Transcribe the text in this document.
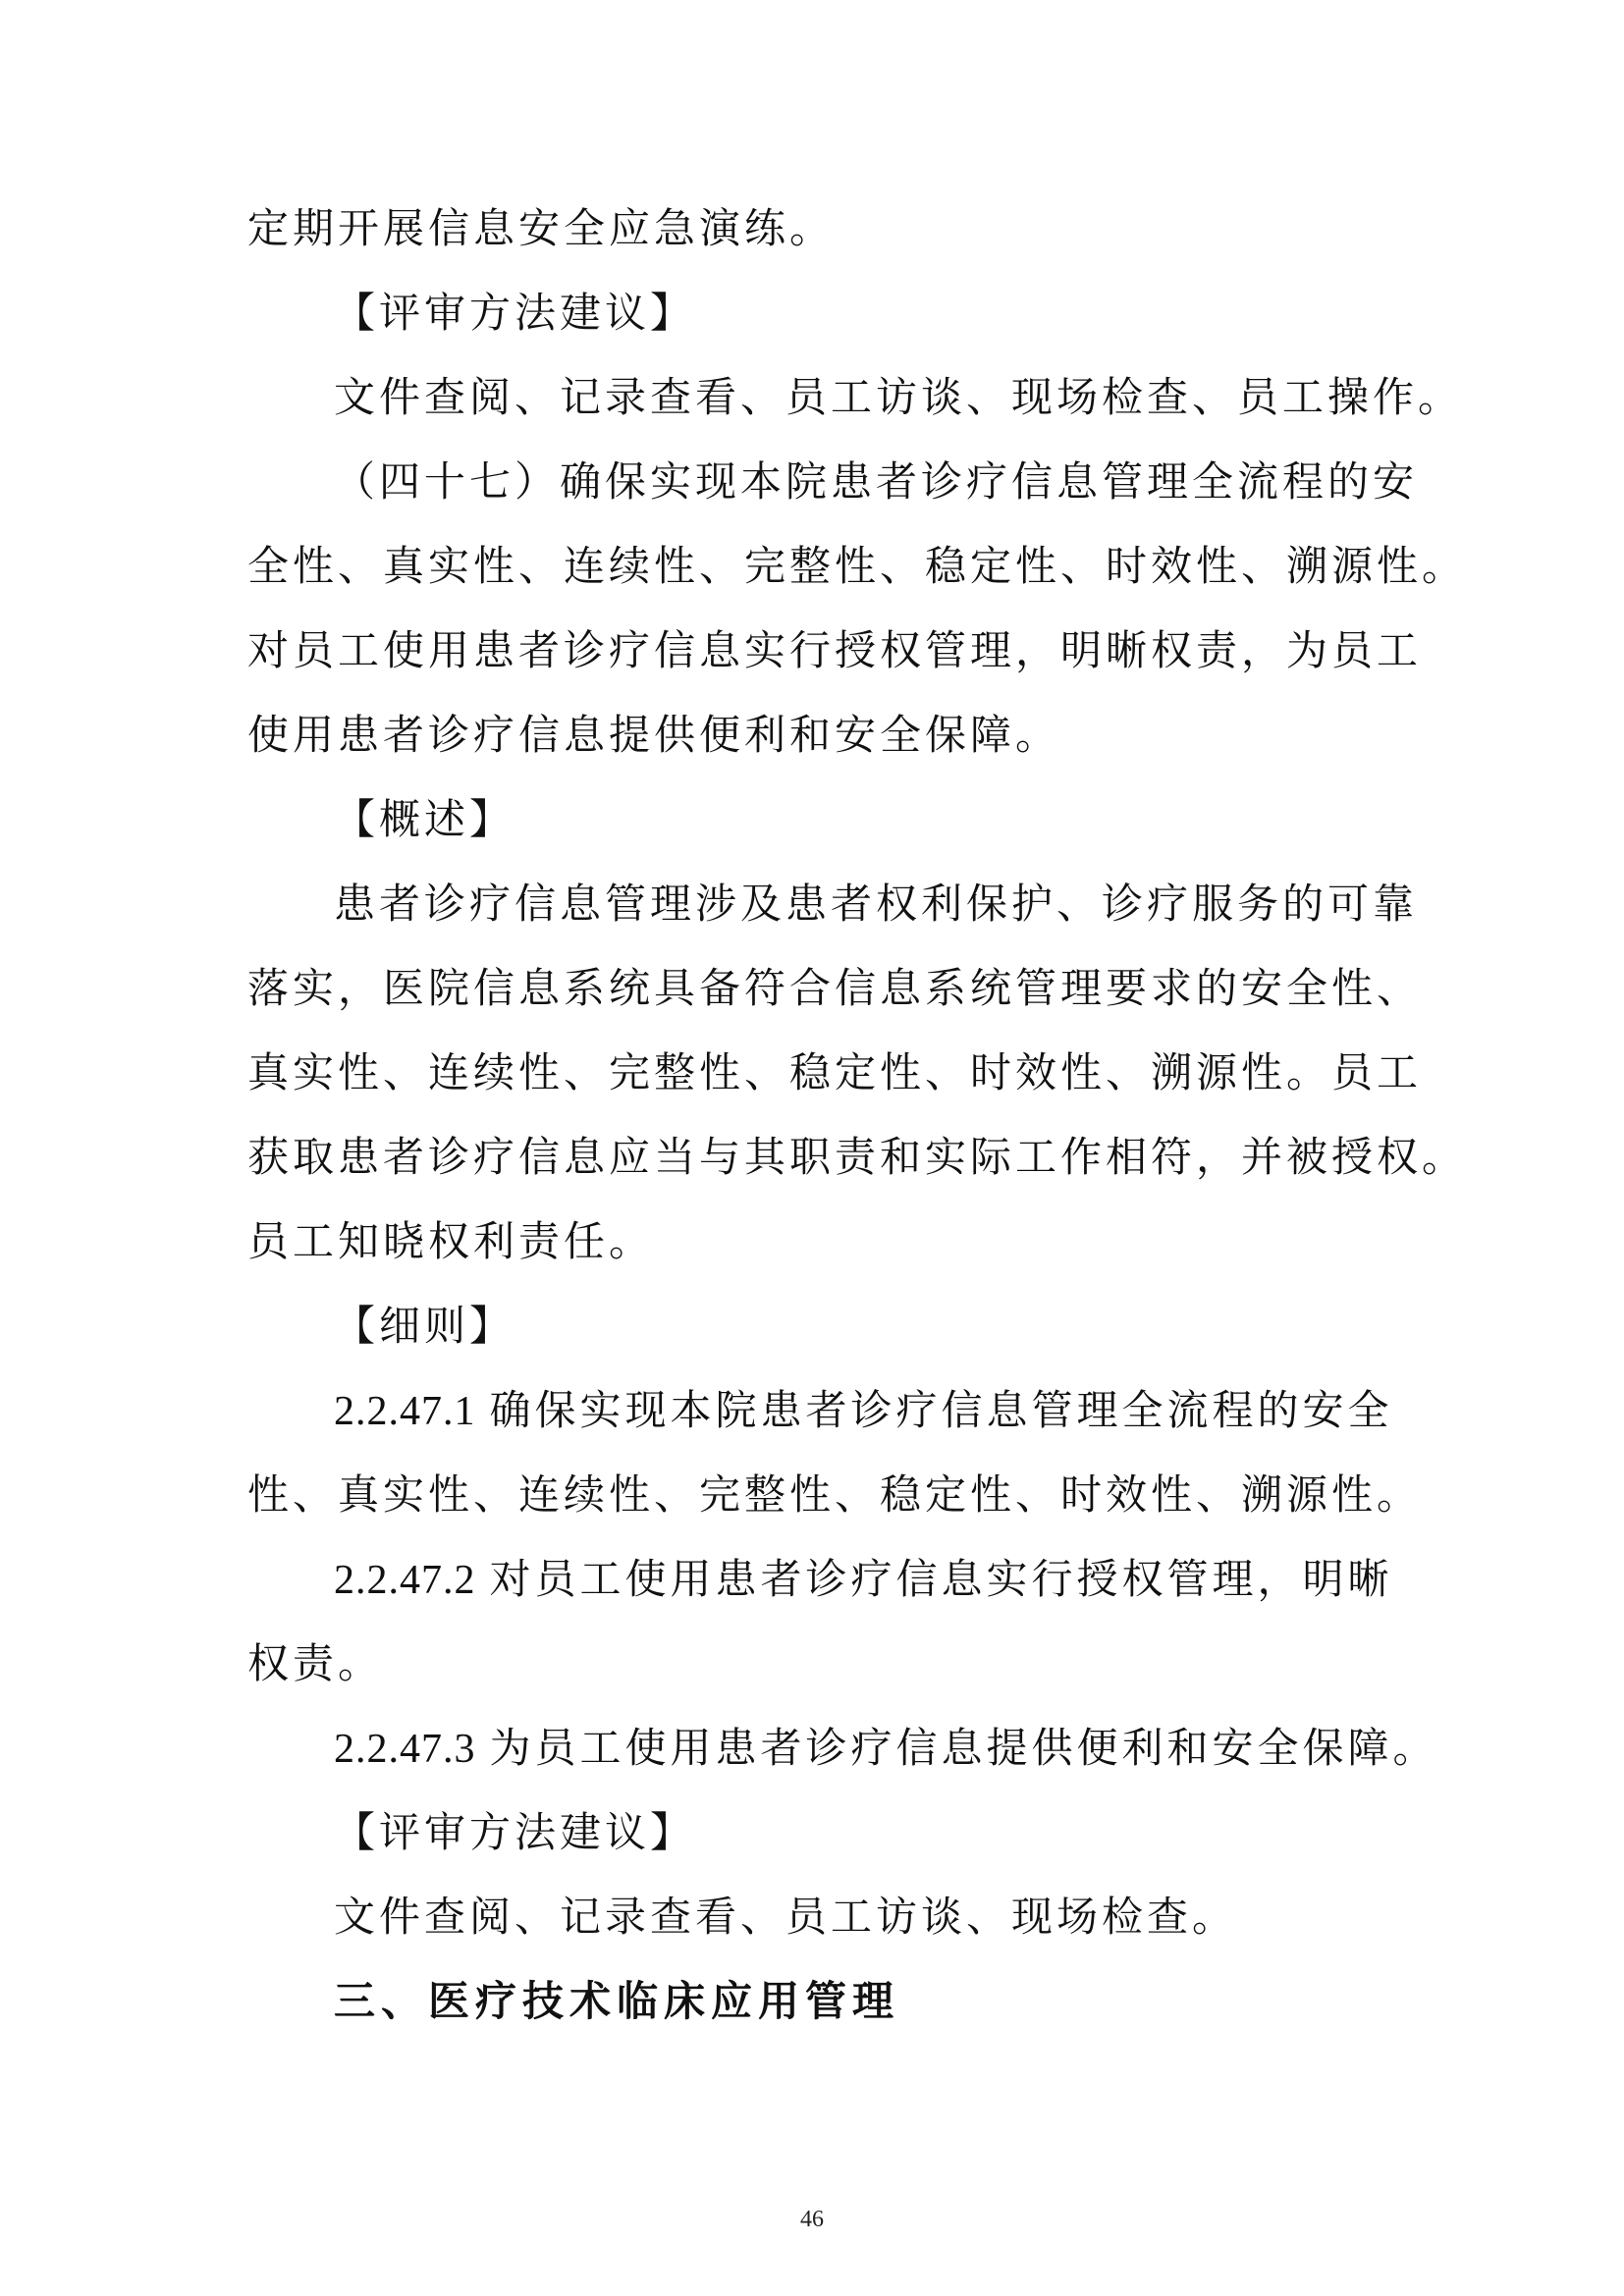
定期开展信息安全应急演练。
【评审方法建议】
文件查阅、记录查看、员工访谈、现场检查、员工操作。
（四十七）确保实现本院患者诊疗信息管理全流程的安
全性、真实性、连续性、完整性、稳定性、时效性、溯源性。
对员工使用患者诊疗信息实行授权管理，明晰权责，为员工
使用患者诊疗信息提供便利和安全保障。
【概述】
患者诊疗信息管理涉及患者权利保护、诊疗服务的可靠
落实，医院信息系统具备符合信息系统管理要求的安全性、
真实性、连续性、完整性、稳定性、时效性、溯源性。员工
获取患者诊疗信息应当与其职责和实际工作相符，并被授权。
员工知晓权利责任。
【细则】
2.2.47.1 确保实现本院患者诊疗信息管理全流程的安全
性、真实性、连续性、完整性、稳定性、时效性、溯源性。
2.2.47.2 对员工使用患者诊疗信息实行授权管理，明晰
权责。
2.2.47.3 为员工使用患者诊疗信息提供便利和安全保障。
【评审方法建议】
文件查阅、记录查看、员工访谈、现场检查。
三、医疗技术临床应用管理
46
